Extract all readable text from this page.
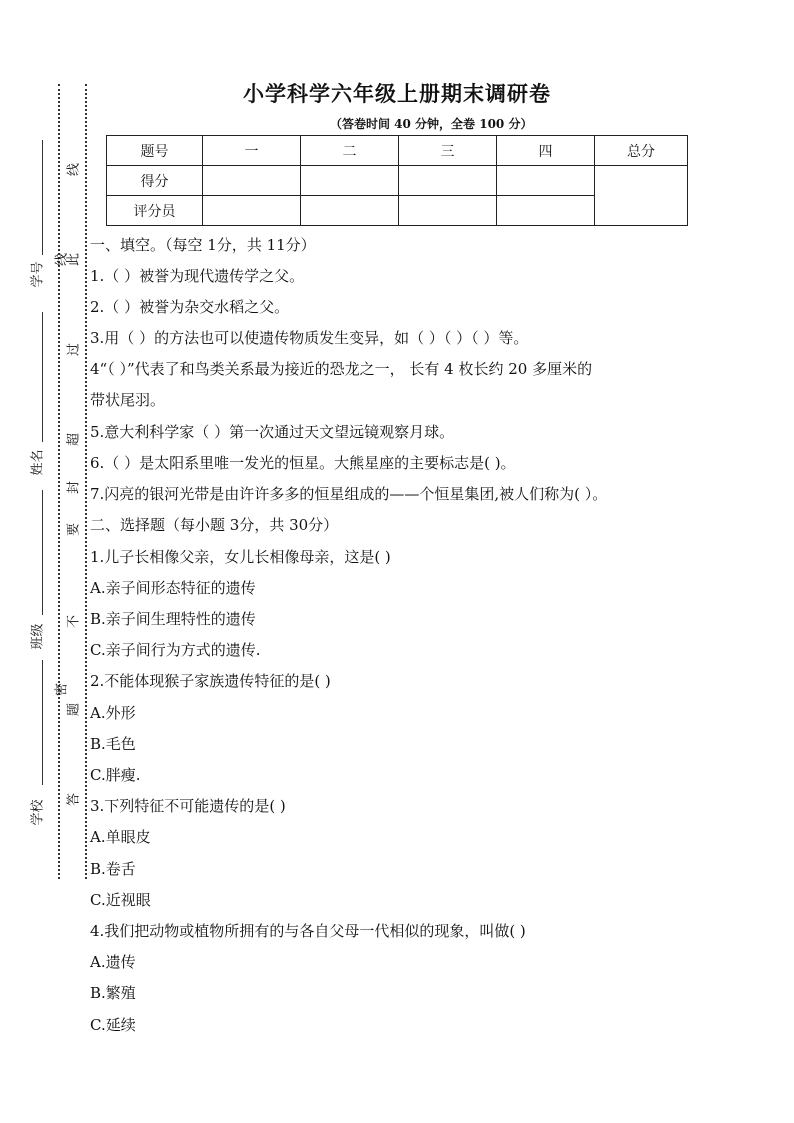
学号
姓名
班级
学校
线
此
过
超
封
要
不
密
题
答
线
小学科学六年级上册期末调研卷
（答卷时间 40 分钟，全卷 100 分）
题号	一	二	三	四	总分
得分					
评分员					
一、填空。（每空 1分，共 11分）
1.（ ）被誉为现代遗传学之父。
2.（ ）被誉为杂交水稻之父。
3.用（ ）的方法也可以使遗传物质发生变异，如（ ）（ ）（ ）等。
4“（ ）”代表了和鸟类关系最为接近的恐龙之一， 长有 4 枚长约 20 多厘米的
带状尾羽。
5.意大利科学家（ ）第一次通过天文望远镜观察月球。
6.（ ）是太阳系里唯一发光的恒星。大熊星座的主要标志是( )。
7.闪亮的银河光带是由许许多多的恒星组成的——个恒星集团,被人们称为( ）。
二、选择题（每小题 3分，共 30分）
1.儿子长相像父亲，女儿长相像母亲，这是( )
A.亲子间形态特征的遗传
B.亲子间生理特性的遗传
C.亲子间行为方式的遗传.
2.不能体现猴子家族遗传特征的是( )
A.外形
B.毛色
C.胖瘦.
3.下列特征不可能遗传的是( )
A.单眼皮
B.卷舌
C.近视眼
4.我们把动物或植物所拥有的与各自父母一代相似的现象，叫做( )
A.遗传
B.繁殖
C.延续
